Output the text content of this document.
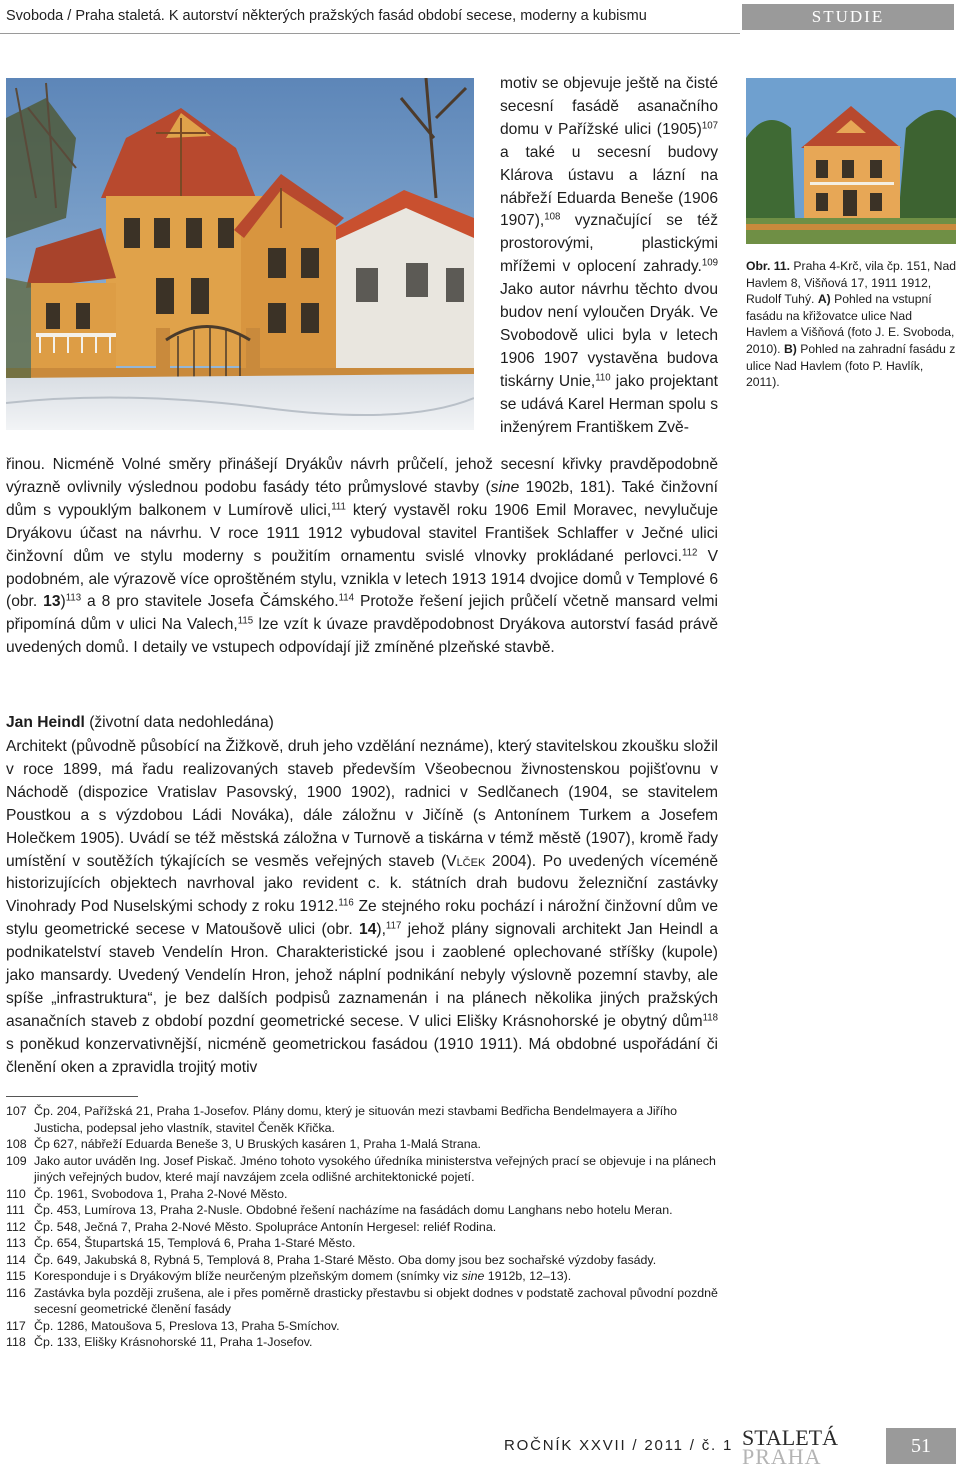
Svoboda / Praha staletá. K autorství některých pražských fasád období secese, moderny a kubismu	STUDIE

motiv se objevuje ještě na čisté secesní fasádě asanačního domu v Pařížské ulici $(1905)^{107}$ a také u secesní budovy Klárova ústavu a lázní na nábřeží Eduarda Beneše (1906 1907),$^{108}$ vyznačující se též prostorovými, plastickými mřížemi v oplocení zahrady.$^{109}$ Jako autor návrhu těchto dvou budov není vyloučen Dryák. Ve Svobodově ulici byla v letech 1906 1907 vystavěna budova tiskárny Unie,$^{110}$ jako projektant se udává Karel Herman spolu s inženýrem Františkem Zvě-

řinou. Nicméně Volné směry přinášejí Dryákův návrh průčelí, jehož secesní křivky pravděpodobně výrazně ovlivnily výslednou podobu fasády této průmyslové stavby (sine 1902b, 181). Také činžovní dům s vypouklým balkonem v Lumírově ulici,$^{111}$ který vystavěl roku 1906 Emil Moravec, nevylučuje Dryákovu účast na návrhu. V roce 1911 1912 vybudoval stavitel František Schlaffer v Ječné ulici činžovní dům ve stylu moderny s použitím ornamentu svislé vlnovky prokládané perlovci.$^{112}$ V podobném, ale výrazově více oproštěném stylu, vznikla v letech 1913 1914 dvojice domů v Templové 6 (obr. 13)$^{113}$ a 8 pro stavitele Josefa Čámského.$^{114}$ Protože řešení jejich průčelí včetně mansard velmi připomíná dům v ulici Na Valech,$^{115}$ lze vzít k úvaze pravděpodobnost Dryákova autorství fasád právě uvedených domů. I detaily ve vstupech odpovídají již zmíněné plzeňské stavbě.

Jan Heindl (životní data nedohledána)

Architekt (původně působící na Žižkově, druh jeho vzdělání neznáme), který stavitelskou zkoušku složil v roce 1899, má řadu realizovaných staveb především Všeobecnou živnostenskou pojišťovnu v Náchodě (dispozice Vratislav Pasovský, 1900 1902), radnici v Sedlčanech (1904, se stavitelem Poustkou a s výzdobou Ládi Nováka), dále záložnu v Jičíně (s Antonínem Turkem a Josefem Holečkem 1905). Uvádí se též městská záložna v Turnově a tiskárna v témž městě (1907), kromě řady umístění v soutěžích týkajících se vesměs veřejných staveb (Vlček 2004). Po uvedených víceméně historizujících objektech navrhoval jako revident c. k. státních drah budovu železniční zastávky Vinohrady Pod Nuselskými schody z roku 1912.$^{116}$ Ze stejného roku pochází i nárožní činžovní dům ve stylu geometrické secese v Matoušově ulici (obr. 14),$^{117}$ jehož plány signovali architekt Jan Heindl a podnikatelství staveb Vendelín Hron. Charakteristické jsou i zaoblené oplechované stříšky (kupole) jako mansardy. Uvedený Vendelín Hron, jehož náplní podnikání nebyly výslovně pozemní stavby, ale spíše „infrastruktura“, je bez dalších podpisů zaznamenán i na plánech několika jiných pražských asanačních staveb z období pozdní geometrické secese. V ulici Elišky Krásnohorské je obytný dům$^{118}$ s poněkud konzervativnější, nicméně geometrickou fasádou (1910 1911). Má obdobné uspořádání či členění oken a zpravidla trojitý motiv

Obr. 11. Praha 4-Krč, vila čp. 151, Nad Havlem 8, Višňová 17, 1911 1912, Rudolf Tuhý. A) Pohled na vstupní fasádu na křižovatce ulice Nad Havlem a Višňová (foto J. E. Svoboda, 2010). B) Pohled na zahradní fasádu z ulice Nad Havlem (foto P. Havlík, 2011).
107 Čp. 204, Pařížská 21, Praha 1-Josefov. Plány domu, který je situován mezi stavbami Bedřicha Bendelmayera a Jiřího Justicha, podepsal jeho vlastník, stavitel Čeněk Křička.
108 Čp 627, nábřeží Eduarda Beneše 3, U Bruských kasáren 1, Praha 1-Malá Strana.
109 Jako autor uváděn Ing. Josef Piskač. Jméno tohoto vysokého úředníka ministerstva veřejných prací se objevuje i na plánech jiných veřejných budov, které mají navzájem zcela odlišné architektonické pojetí.
110 Čp. 1961, Svobodova 1, Praha 2-Nové Město.
111 Čp. 453, Lumírova 13, Praha 2-Nusle. Obdobné řešení nacházíme na fasádách domu Langhans nebo hotelu Meran.
112 Čp. 548, Ječná 7, Praha 2-Nové Město. Spolupráce Antonín Hergesel: reliéf Rodina.
113 Čp. 654, Štupartská 15, Templová 6, Praha 1-Staré Město.
114 Čp. 649, Jakubská 8, Rybná 5, Templová 8, Praha 1-Staré Město. Oba domy jsou bez sochařské výzdoby fasády.
115 Koresponduje i s Dryákovým blíže neurčeným plzeňským domem (snímky viz sine 1912b, 12–13).
116 Zastávka byla později zrušena, ale i přes poměrně drasticky přestavbu si objekt dodnes v podstatě zachoval původní pozdně secesní geometrické členění fasády
117 Čp. 1286, Matoušova 5, Preslova 13, Praha 5-Smíchov.
118 Čp. 133, Elišky Krásnohorské 11, Praha 1-Josefov.
ROČNÍK XXVII / 2011 / č. 1 STALETÁ
PRAHA	51
